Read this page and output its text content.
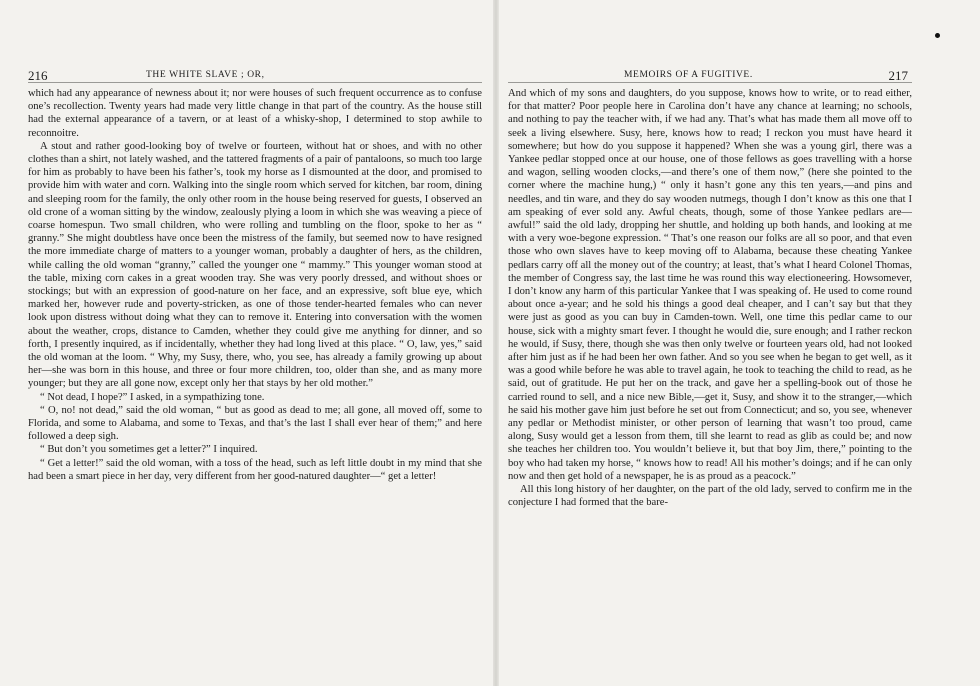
216	THE WHITE SLAVE ; OR,

which had any appearance of newness about it; nor were houses of such frequent occurrence as to confuse one’s recollection. Twenty years had made very little change in that part of the country. As the house still had the external appearance of a tavern, or at least of a whisky-shop, I determined to stop awhile to reconnoitre.

A stout and rather good-looking boy of twelve or fourteen, without hat or shoes, and with no other clothes than a shirt, not lately washed, and the tattered fragments of a pair of pantaloons, so much too large for him as probably to have been his father’s, took my horse as I dismounted at the door, and promised to provide him with water and corn. Walking into the single room which served for kitchen, bar room, dining and sleeping room for the family, the only other room in the house being reserved for guests, I observed an old crone of a woman sitting by the window, zealously plying a loom in which she was weaving a piece of coarse homespun. Two small children, who were rolling and tumbling on the floor, spoke to her as “ granny.” She might doubtless have once been the mistress of the family, but seemed now to have resigned the more immediate charge of matters to a younger woman, probably a daughter of hers, as the children, while calling the old woman “granny,” called the younger one “ mammy.” This younger woman stood at the table, mixing corn cakes in a great wooden tray. She was very poorly dressed, and without shoes or stockings; but with an expression of good-nature on her face, and an expressive, soft blue eye, which marked her, however rude and poverty-stricken, as one of those tender-hearted females who can never look upon distress without doing what they can to remove it. Entering into conversation with the women about the weather, crops, distance to Camden, whether they could give me anything for dinner, and so forth, I presently inquired, as if incidentally, whether they had long lived at this place. “ O, law, yes,” said the old woman at the loom. “ Why, my Susy, there, who, you see, has already a family growing up about her—she was born in this house, and three or four more children, too, older than she, and as many more younger; but they are all gone now, except only her that stays by her old mother.”

“ Not dead, I hope?” I asked, in a sympathizing tone.

“ O, no! not dead,” said the old woman, “ but as good as dead to me; all gone, all moved off, some to Florida, and some to Alabama, and some to Texas, and that’s the last I shall ever hear of them;” and here followed a deep sigh.

“ But don’t you sometimes get a letter?” I inquired.

“ Get a letter!” said the old woman, with a toss of the head, such as left little doubt in my mind that she had been a smart piece in her day, very different from her good-natured daughter—“ get a letter!

MEMOIRS OF A FUGITIVE.	217

And which of my sons and daughters, do you suppose, knows how to write, or to read either, for that matter? Poor people here in Carolina don’t have any chance at learning; no schools, and nothing to pay the teacher with, if we had any. That’s what has made them all move off to seek a living elsewhere. Susy, here, knows how to read; I reckon you must have heard it somewhere; but how do you suppose it happened? When she was a young girl, there was a Yankee pedlar stopped once at our house, one of those fellows as goes travelling with a horse and wagon, selling wooden clocks,—and there’s one of them now,” (here she pointed to the corner where the machine hung,) “ only it hasn’t gone any this ten years,—and pins and needles, and tin ware, and they do say wooden nutmegs, though I don’t know as this one that I am speaking of ever sold any. Awful cheats, though, some of those Yankee pedlars are—awful!” said the old lady, dropping her shuttle, and holding up both hands, and looking at me with a very woe-begone expression. “ That’s one reason our folks are all so poor, and that even those who own slaves have to keep moving off to Alabama, because these cheating Yankee pedlars carry off all the money out of the country; at least, that’s what I heard Colonel Thomas, the member of Congress say, the last time he was round this way electioneering. Howsomever, I don’t know any harm of this particular Yankee that I was speaking of. He used to come round about once a-year; and he sold his things a good deal cheaper, and I can’t say but that they were just as good as you can buy in Camden-town. Well, one time this pedlar came to our house, sick with a mighty smart fever. I thought he would die, sure enough; and I rather reckon he would, if Susy, there, though she was then only twelve or fourteen years old, had not looked after him just as if he had been her own father. And so you see when he began to get well, as it was a good while before he was able to travel again, he took to teaching the child to read, as he said, out of gratitude. He put her on the track, and gave her a spelling-book out of those he carried round to sell, and a nice new Bible,—get it, Susy, and show it to the stranger,—which he said his mother gave him just before he set out from Connecticut; and so, you see, whenever any pedlar or Methodist minister, or other person of learning that wasn’t too proud, came along, Susy would get a lesson from them, till she learnt to read as glib as could be; and now she teaches her children too. You wouldn’t believe it, but that boy Jim, there,” pointing to the boy who had taken my horse, “ knows how to read! All his mother’s doings; and if he can only now and then get hold of a newspaper, he is as proud as a peacock.”

All this long history of her daughter, on the part of the old lady, served to confirm me in the conjecture I had formed that the bare-
